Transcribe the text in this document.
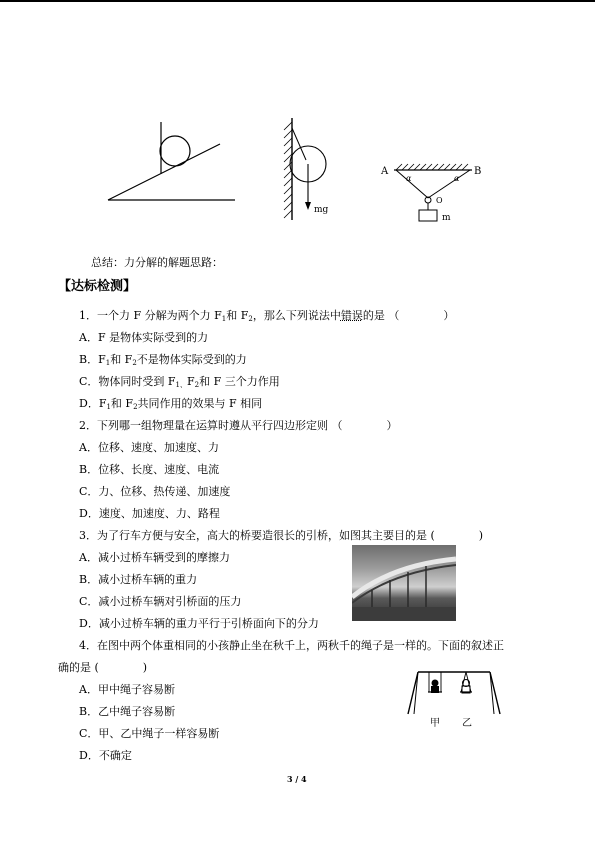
mg
A	B
α	α
O
m
总结：力分解的解题思路：
【达标检测】
1．一个力 F 分解为两个力 $F_1$和 $F_2$，那么下列说法中错误的是 （	）
A．F 是物体实际受到的力
B．$F_1$和 $F_2$不是物体实际受到的力
C．物体同时受到 $F_{1、}F_2$和 F 三个力作用
D．$F_1$和 $F_2$共同作用的效果与 F 相同
2．下列哪一组物理量在运算时遵从平行四边形定则 （	）
A．位移、速度、加速度、力
B．位移、长度、速度、电流
C．力、位移、热传递、加速度
D．速度、加速度、力、路程
3．为了行车方便与安全，高大的桥要造很长的引桥，如图其主要目的是 (	)
A．减小过桥车辆受到的摩擦力
B．减小过桥车辆的重力
C．减小过桥车辆对引桥面的压力
D．减小过桥车辆的重力平行于引桥面向下的分力
4．在图中两个体重相同的小孩静止坐在秋千上，两秋千的绳子是一样的。下面的叙述正
确的是 (	)
A．甲中绳子容易断
B．乙中绳子容易断
C．甲、乙中绳子一样容易断
D．不确定
甲 乙
3 / 4
